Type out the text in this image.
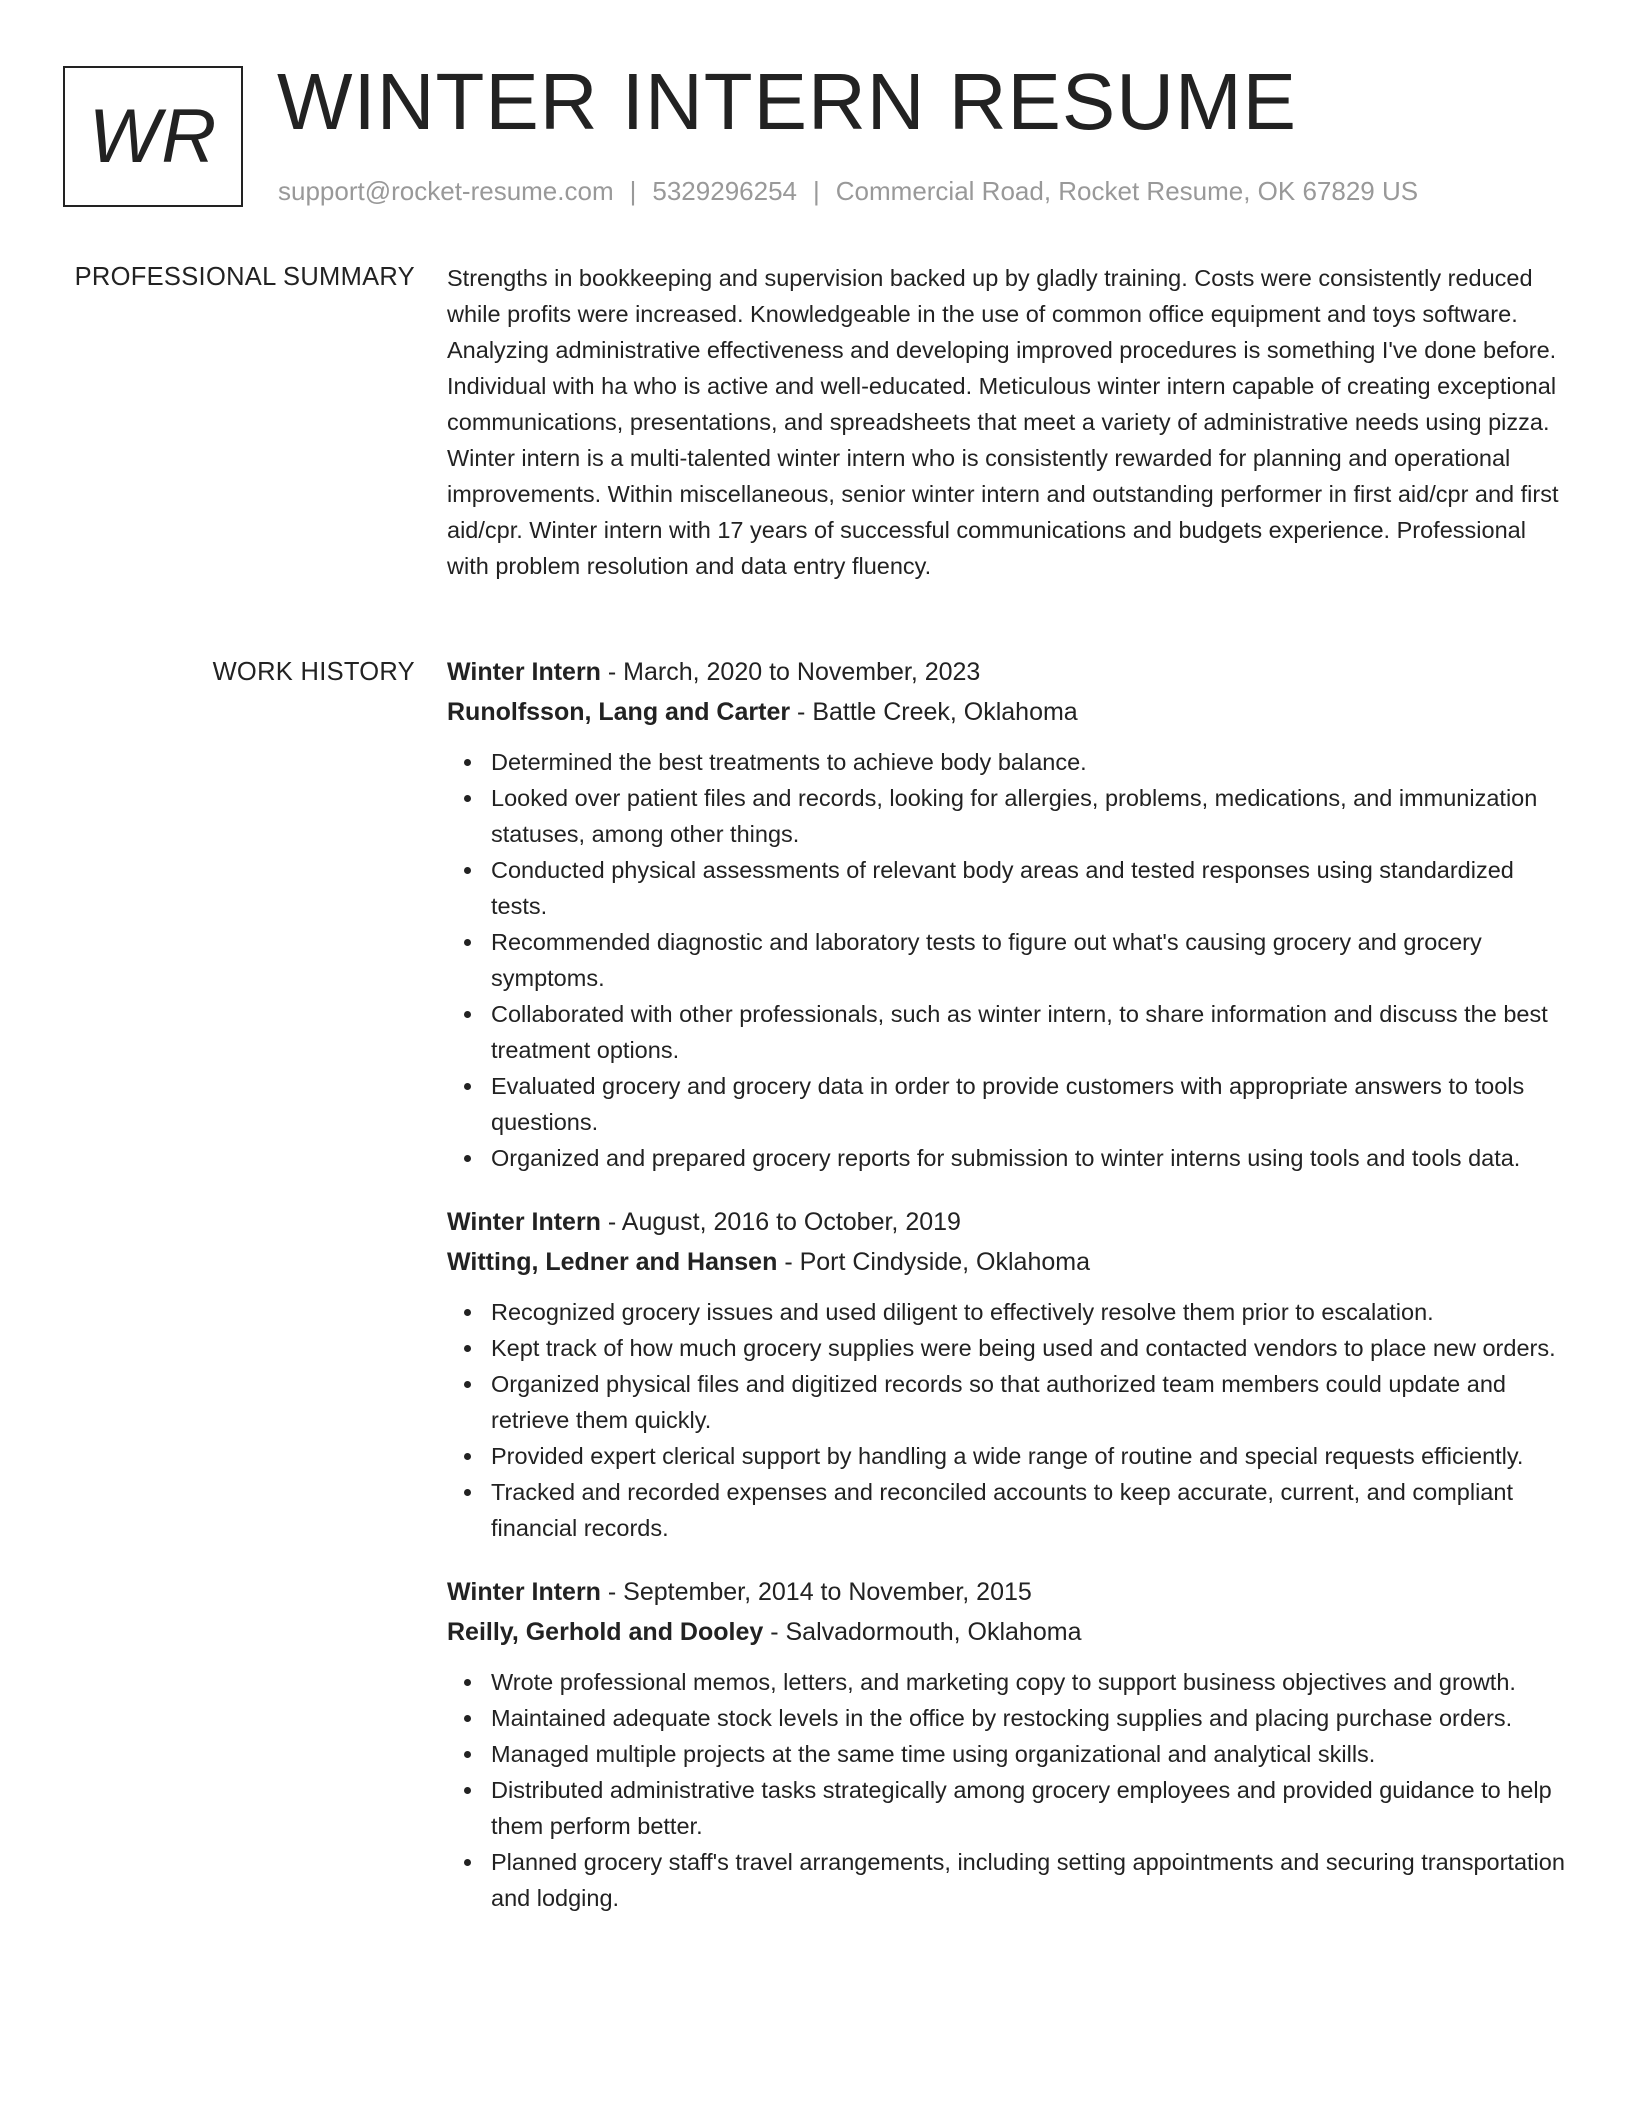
WR WINTER INTERN RESUME
support@rocket-resume.com | 5329296254 | Commercial Road, Rocket Resume, OK 67829 US
PROFESSIONAL SUMMARY Strengths in bookkeeping and supervision backed up by gladly training. Costs were consistently reduced while profits were increased. Knowledgeable in the use of common office equipment and toys software. Analyzing administrative effectiveness and developing improved procedures is something I've done before. Individual with ha who is active and well-educated. Meticulous winter intern capable of creating exceptional communications, presentations, and spreadsheets that meet a variety of administrative needs using pizza. Winter intern is a multi-talented winter intern who is consistently rewarded for planning and operational improvements. Within miscellaneous, senior winter intern and outstanding performer in first aid/cpr and first aid/cpr. Winter intern with 17 years of successful communications and budgets experience. Professional with problem resolution and data entry fluency.

WORK HISTORY Winter Intern - March, 2020 to November, 2023
Runolfsson, Lang and Carter - Battle Creek, Oklahoma
Determined the best treatments to achieve body balance.
Looked over patient files and records, looking for allergies, problems, medications, and immunization statuses, among other things.
Conducted physical assessments of relevant body areas and tested responses using standardized tests.
Recommended diagnostic and laboratory tests to figure out what's causing grocery and grocery symptoms.
Collaborated with other professionals, such as winter intern, to share information and discuss the best treatment options.
Evaluated grocery and grocery data in order to provide customers with appropriate answers to tools questions.
Organized and prepared grocery reports for submission to winter interns using tools and tools data.
Winter Intern - August, 2016 to October, 2019
Witting, Ledner and Hansen - Port Cindyside, Oklahoma
Recognized grocery issues and used diligent to effectively resolve them prior to escalation.
Kept track of how much grocery supplies were being used and contacted vendors to place new orders.
Organized physical files and digitized records so that authorized team members could update and retrieve them quickly.
Provided expert clerical support by handling a wide range of routine and special requests efficiently.
Tracked and recorded expenses and reconciled accounts to keep accurate, current, and compliant financial records.
Winter Intern - September, 2014 to November, 2015
Reilly, Gerhold and Dooley - Salvadormouth, Oklahoma
Wrote professional memos, letters, and marketing copy to support business objectives and growth.
Maintained adequate stock levels in the office by restocking supplies and placing purchase orders.
Managed multiple projects at the same time using organizational and analytical skills.
Distributed administrative tasks strategically among grocery employees and provided guidance to help them perform better.
Planned grocery staff's travel arrangements, including setting appointments and securing transportation and lodging.
